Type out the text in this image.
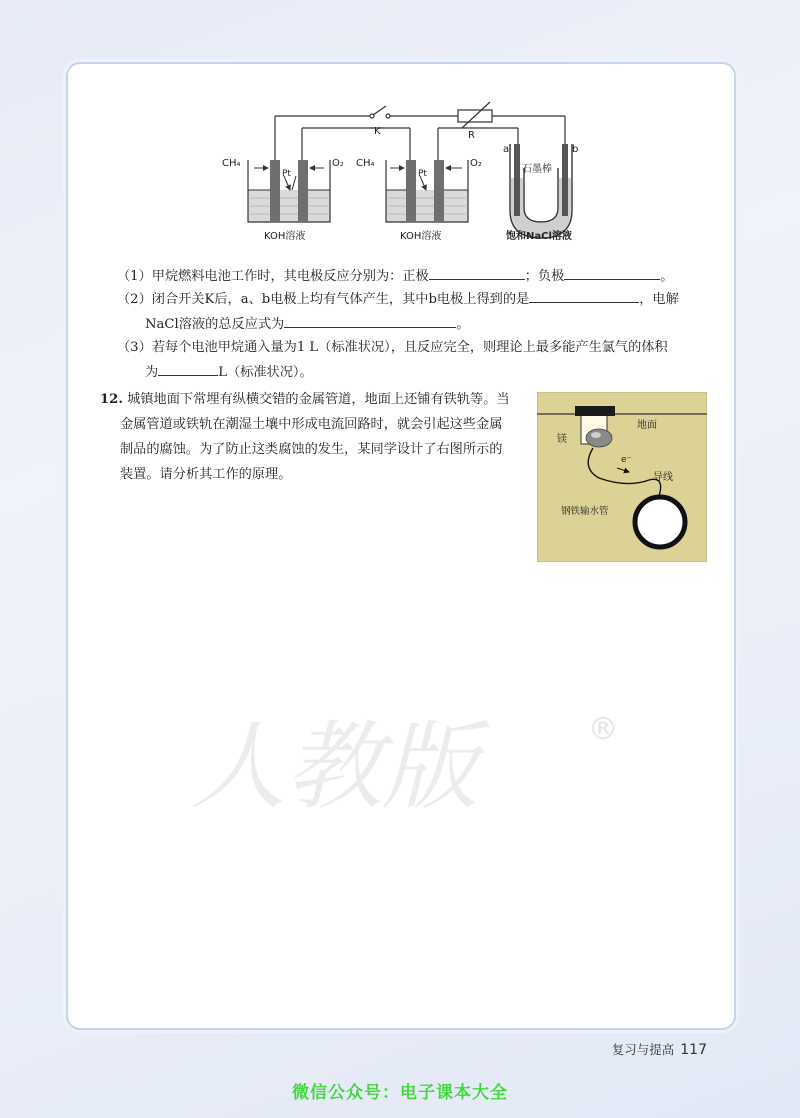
K	R
CH₄	O₂
Pt
CH₄	O₂
Pt
a	b
石墨棒
KOH溶液	KOH溶液	饱和NaCl溶液
（1）甲烷燃料电池工作时，其电极反应分别为：正极	；负极	。
（2）闭合开关K后，a、b电极上均有气体产生，其中b电极上得到的是	，电解
NaCl溶液的总反应式为	。
（3）若每个电池甲烷通入量为1 L（标准状况），且反应完全，则理论上最多能产生氯气的体积
为	L（标准状况）。
12. 城镇地面下常埋有纵横交错的金属管道，地面上还铺有铁轨等。当
金属管道或铁轨在潮湿土壤中形成电流回路时，就会引起这些金属
制品的腐蚀。为了防止这类腐蚀的发生，某同学设计了右图所示的
装置。请分析其工作的原理。
地面
镁
e⁻
导线
钢铁输水管
人教版	®
复习与提高 117
微信公众号：电子课本大全
